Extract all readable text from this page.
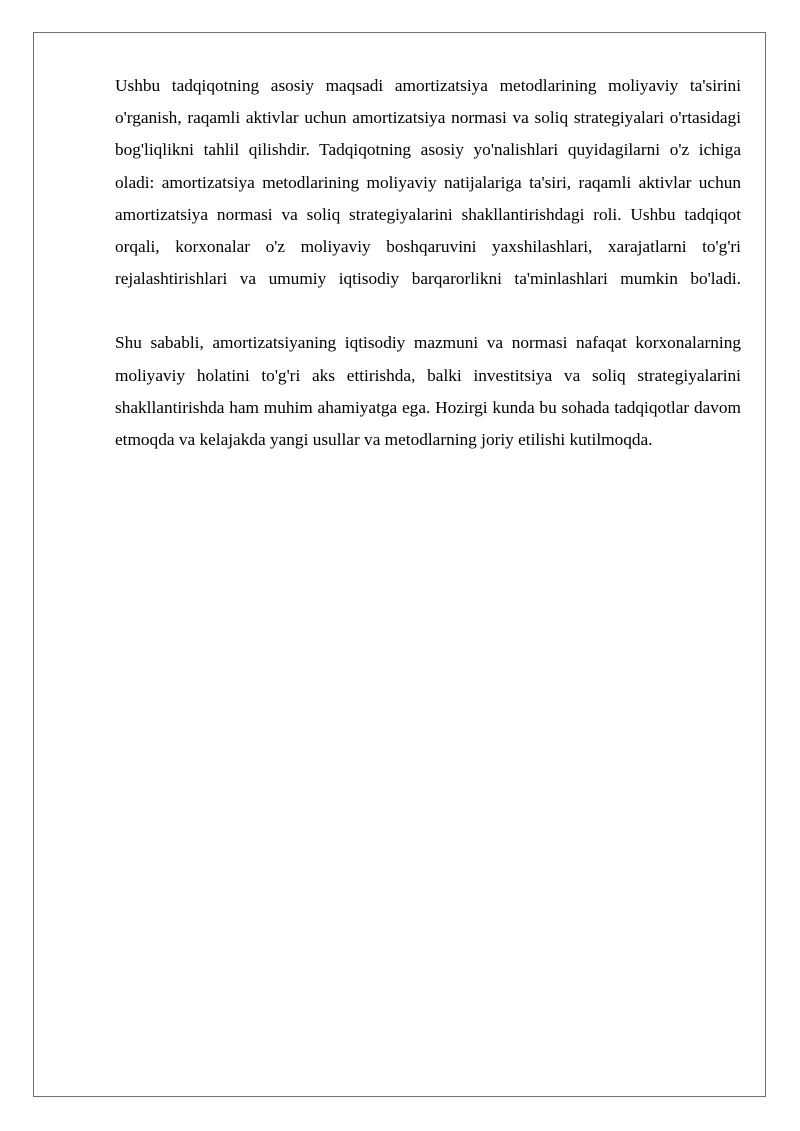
Ushbu tadqiqotning asosiy maqsadi amortizatsiya metodlarining moliyaviy ta'sirini o'rganish, raqamli aktivlar uchun amortizatsiya normasi va soliq strategiyalari o'rtasidagi bog'liqlikni tahlil qilishdir. Tadqiqotning asosiy yo'nalishlari quyidagilarni o'z ichiga oladi: amortizatsiya metodlarining moliyaviy natijalariga ta'siri, raqamli aktivlar uchun amortizatsiya normasi va soliq strategiyalarini shakllantirishdagi roli. Ushbu tadqiqot orqali, korxonalar o'z moliyaviy boshqaruvini yaxshilashlari, xarajatlarni to'g'ri rejalashtirishlari va umumiy iqtisodiy barqarorlikni ta'minlashlari mumkin bo'ladi.

Shu sababli, amortizatsiyaning iqtisodiy mazmuni va normasi nafaqat korxonalarning moliyaviy holatini to'g'ri aks ettirishda, balki investitsiya va soliq strategiyalarini shakllantirishda ham muhim ahamiyatga ega. Hozirgi kunda bu sohada tadqiqotlar davom etmoqda va kelajakda yangi usullar va metodlarning joriy etilishi kutilmoqda.
